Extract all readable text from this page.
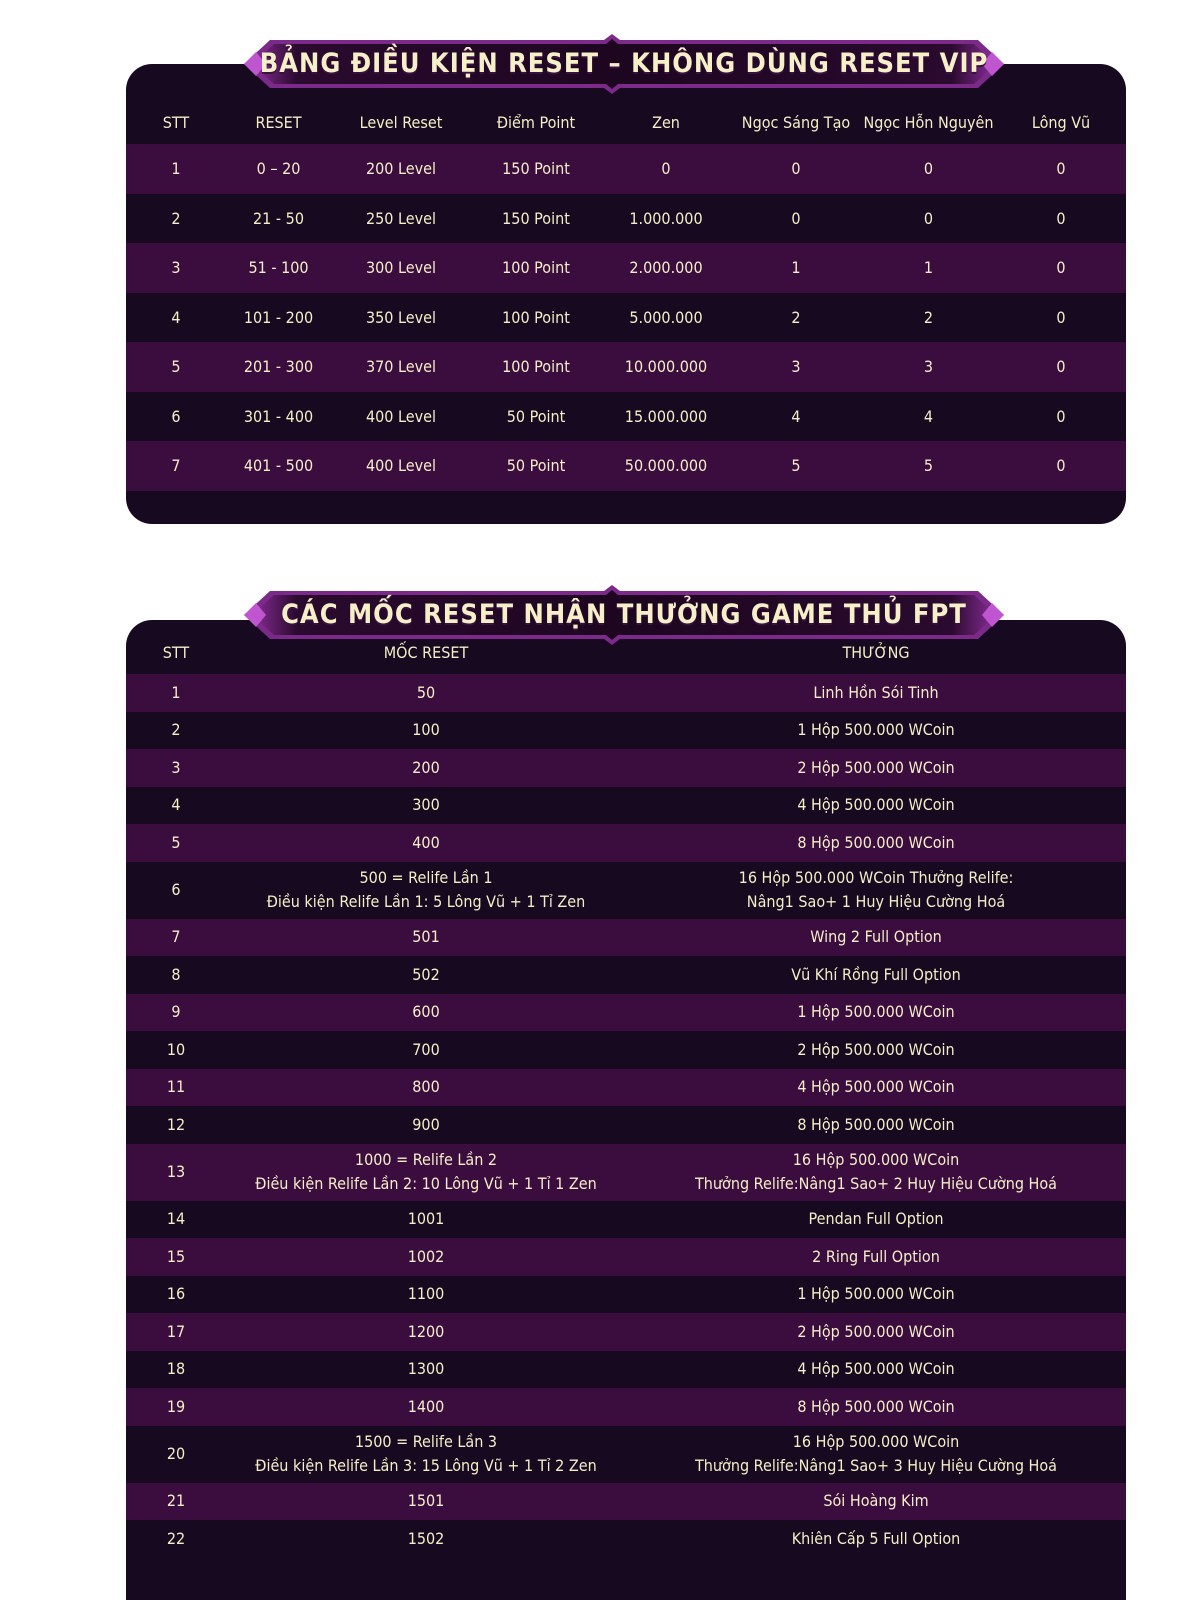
STT	RESET	Level Reset	Điểm Point	Zen	Ngọc Sáng Tạo	Ngọc Hỗn Nguyên	Lông Vũ
1	0 – 20	200 Level	150 Point	0	0	0	0
2	21 - 50	250 Level	150 Point	1.000.000	0	0	0
3	51 - 100	300 Level	100 Point	2.000.000	1	1	0
4	101 - 200	350 Level	100 Point	5.000.000	2	2	0
5	201 - 300	370 Level	100 Point	10.000.000	3	3	0
6	301 - 400	400 Level	50 Point	15.000.000	4	4	0
7	401 - 500	400 Level	50 Point	50.000.000	5	5	0
BẢNG ĐIỀU KIỆN RESET – KHÔNG DÙNG RESET VIP
STT	MỐC RESET	THƯỞNG
1	50	Linh Hồn Sói Tinh
2	100	1 Hộp 500.000 WCoin
3	200	2 Hộp 500.000 WCoin
4	300	4 Hộp 500.000 WCoin
5	400	8 Hộp 500.000 WCoin
6	500 = Relife Lần 1
Điều kiện Relife Lần 1: 5 Lông Vũ + 1 Tỉ Zen	16 Hộp 500.000 WCoin Thưởng Relife:
Nâng1 Sao+ 1 Huy Hiệu Cường Hoá
7	501	Wing 2 Full Option
8	502	Vũ Khí Rồng Full Option
9	600	1 Hộp 500.000 WCoin
10	700	2 Hộp 500.000 WCoin
11	800	4 Hộp 500.000 WCoin
12	900	8 Hộp 500.000 WCoin
13	1000 = Relife Lần 2
Điều kiện Relife Lần 2: 10 Lông Vũ + 1 Tỉ 1 Zen	16 Hộp 500.000 WCoin
Thưởng Relife:Nâng1 Sao+ 2 Huy Hiệu Cường Hoá
14	1001	Pendan Full Option
15	1002	2 Ring Full Option
16	1100	1 Hộp 500.000 WCoin
17	1200	2 Hộp 500.000 WCoin
18	1300	4 Hộp 500.000 WCoin
19	1400	8 Hộp 500.000 WCoin
20	1500 = Relife Lần 3
Điều kiện Relife Lần 3: 15 Lông Vũ + 1 Tỉ 2 Zen	16 Hộp 500.000 WCoin
Thưởng Relife:Nâng1 Sao+ 3 Huy Hiệu Cường Hoá
21	1501	Sói Hoàng Kim
22	1502	Khiên Cấp 5 Full Option
CÁC MỐC RESET NHẬN THƯỞNG GAME THỦ FPT
